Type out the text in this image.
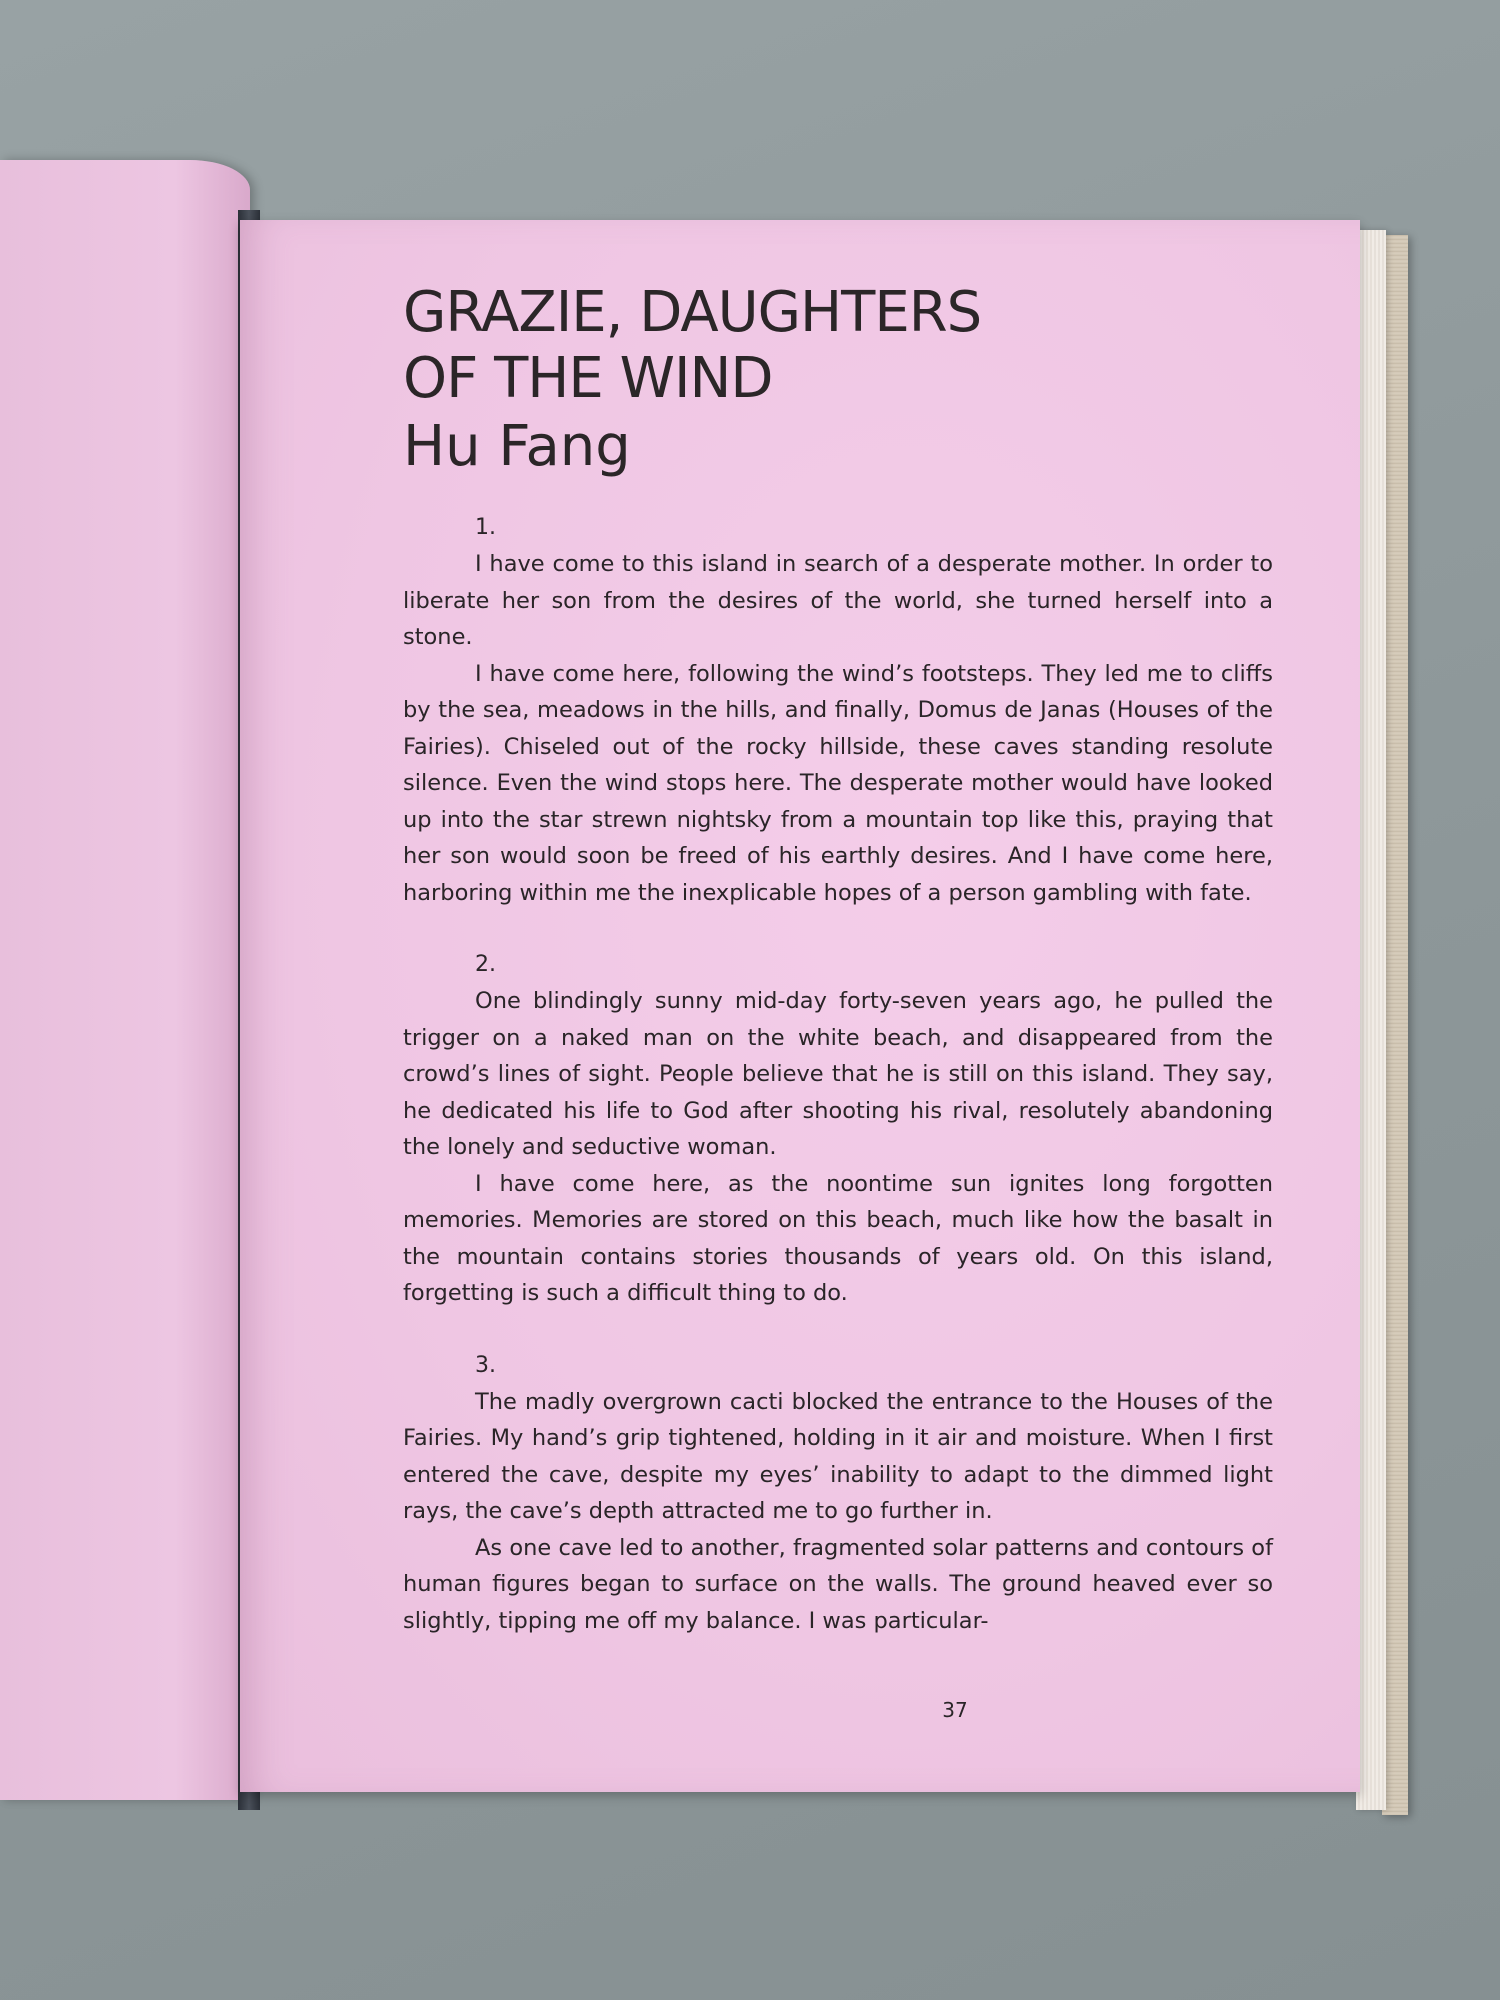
GRAZIE, DAUGHTERS
OF THE WIND
Hu Fang

1.

I have come to this island in search of a desperate mother. In order to liberate her son from the desires of the world, she turned herself into a stone.

I have come here, following the wind’s footsteps. They led me to cliffs by the sea, meadows in the hills, and finally, Domus de Janas (Houses of the Fairies). Chiseled out of the rocky hillside, these caves standing resolute silence. Even the wind stops here. The desperate mother would have looked up into the star strewn nightsky from a mountain top like this, praying that her son would soon be freed of his earthly desires. And I have come here, harboring within me the inexplicable hopes of a person gambling with fate.

2.

One blindingly sunny mid-day forty-seven years ago, he pulled the trigger on a naked man on the white beach, and disappeared from the crowd’s lines of sight. People believe that he is still on this island. They say, he dedicated his life to God after shooting his rival, resolutely abandoning the lonely and seductive woman.

I have come here, as the noontime sun ignites long forgotten memories. Memories are stored on this beach, much like how the basalt in the mountain contains stories thousands of years old. On this island, forgetting is such a difficult thing to do.

3.

The madly overgrown cacti blocked the entrance to the Houses of the Fairies. My hand’s grip tightened, holding in it air and moisture. When I first entered the cave, despite my eyes’ inability to adapt to the dimmed light rays, the cave’s depth attracted me to go further in.

As one cave led to another, fragmented solar patterns and contours of human figures began to surface on the walls. The ground heaved ever so slightly, tipping me off my balance. I was particular-

37
